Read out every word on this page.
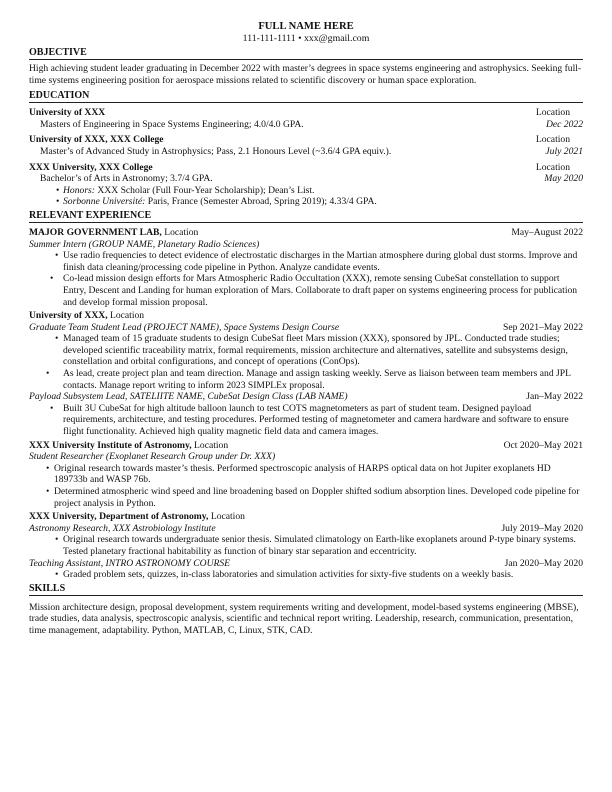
FULL NAME HERE
111-111-1111 • xxx@gmail.com
OBJECTIVE
High achieving student leader graduating in December 2022 with master’s degrees in space systems engineering and astrophysics. Seeking full-time systems engineering position for aerospace missions related to scientific discovery or human space exploration.
EDUCATION
University of XXX	Location
Masters of Engineering in Space Systems Engineering; 4.0/4.0 GPA.	Dec 2022
University of XXX, XXX College	Location
Master’s of Advanced Study in Astrophysics; Pass, 2.1 Honours Level (~3.6/4 GPA equiv.).	July 2021
XXX University, XXX College	Location
Bachelor’s of Arts in Astronomy; 3.7/4 GPA.	May 2020
• Honors: XXX Scholar (Full Four-Year Scholarship); Dean’s List.
• Sorbonne Université: Paris, France (Semester Abroad, Spring 2019); 4.33/4 GPA.
RELEVANT EXPERIENCE
MAJOR GOVERNMENT LAB, Location	May–August 2022
Summer Intern (GROUP NAME, Planetary Radio Sciences)
• Use radio frequencies to detect evidence of electrostatic discharges in the Martian atmosphere during global dust storms. Improve and finish data cleaning/processing code pipeline in Python. Analyze candidate events.
• Co-lead mission design efforts for Mars Atmospheric Radio Occultation (XXX), remote sensing CubeSat constellation to support Entry, Descent and Landing for human exploration of Mars. Collaborate to draft paper on systems engineering process for publication and develop formal mission proposal.
University of XXX, Location
Graduate Team Student Lead (PROJECT NAME), Space Systems Design Course	Sep 2021–May 2022
• Managed team of 15 graduate students to design CubeSat fleet Mars mission (XXX), sponsored by JPL. Conducted trade studies; developed scientific traceability matrix, formal requirements, mission architecture and alternatives, satellite and subsystems design, constellation and orbital configurations, and concept of operations (ConOps).
• As lead, create project plan and team direction. Manage and assign tasking weekly. Serve as liaison between team members and JPL contacts. Manage report writing to inform 2023 SIMPLEx proposal.
Payload Subsystem Lead, SATELIITE NAME, CubeSat Design Class (LAB NAME)	Jan–May 2022
• Built 3U CubeSat for high altitude balloon launch to test COTS magnetometers as part of student team. Designed payload requirements, architecture, and testing procedures. Performed testing of magnetometer and camera hardware and software to ensure flight functionality. Achieved high quality magnetic field data and camera images.
XXX University Institute of Astronomy, Location	Oct 2020–May 2021
Student Researcher (Exoplanet Research Group under Dr. XXX)
• Original research towards master’s thesis. Performed spectroscopic analysis of HARPS optical data on hot Jupiter exoplanets HD 189733b and WASP 76b.
• Determined atmospheric wind speed and line broadening based on Doppler shifted sodium absorption lines. Developed code pipeline for project analysis in Python.
XXX University, Department of Astronomy, Location
Astronomy Research, XXX Astrobiology Institute	July 2019–May 2020
• Original research towards undergraduate senior thesis. Simulated climatology on Earth-like exoplanets around P-type binary systems. Tested planetary fractional habitability as function of binary star separation and eccentricity.
Teaching Assistant, INTRO ASTRONOMY COURSE	Jan 2020–May 2020
• Graded problem sets, quizzes, in-class laboratories and simulation activities for sixty-five students on a weekly basis.
SKILLS
Mission architecture design, proposal development, system requirements writing and development, model-based systems engineering (MBSE), trade studies, data analysis, spectroscopic analysis, scientific and technical report writing. Leadership, research, communication, presentation, time management, adaptability. Python, MATLAB, C, Linux, STK, CAD.
